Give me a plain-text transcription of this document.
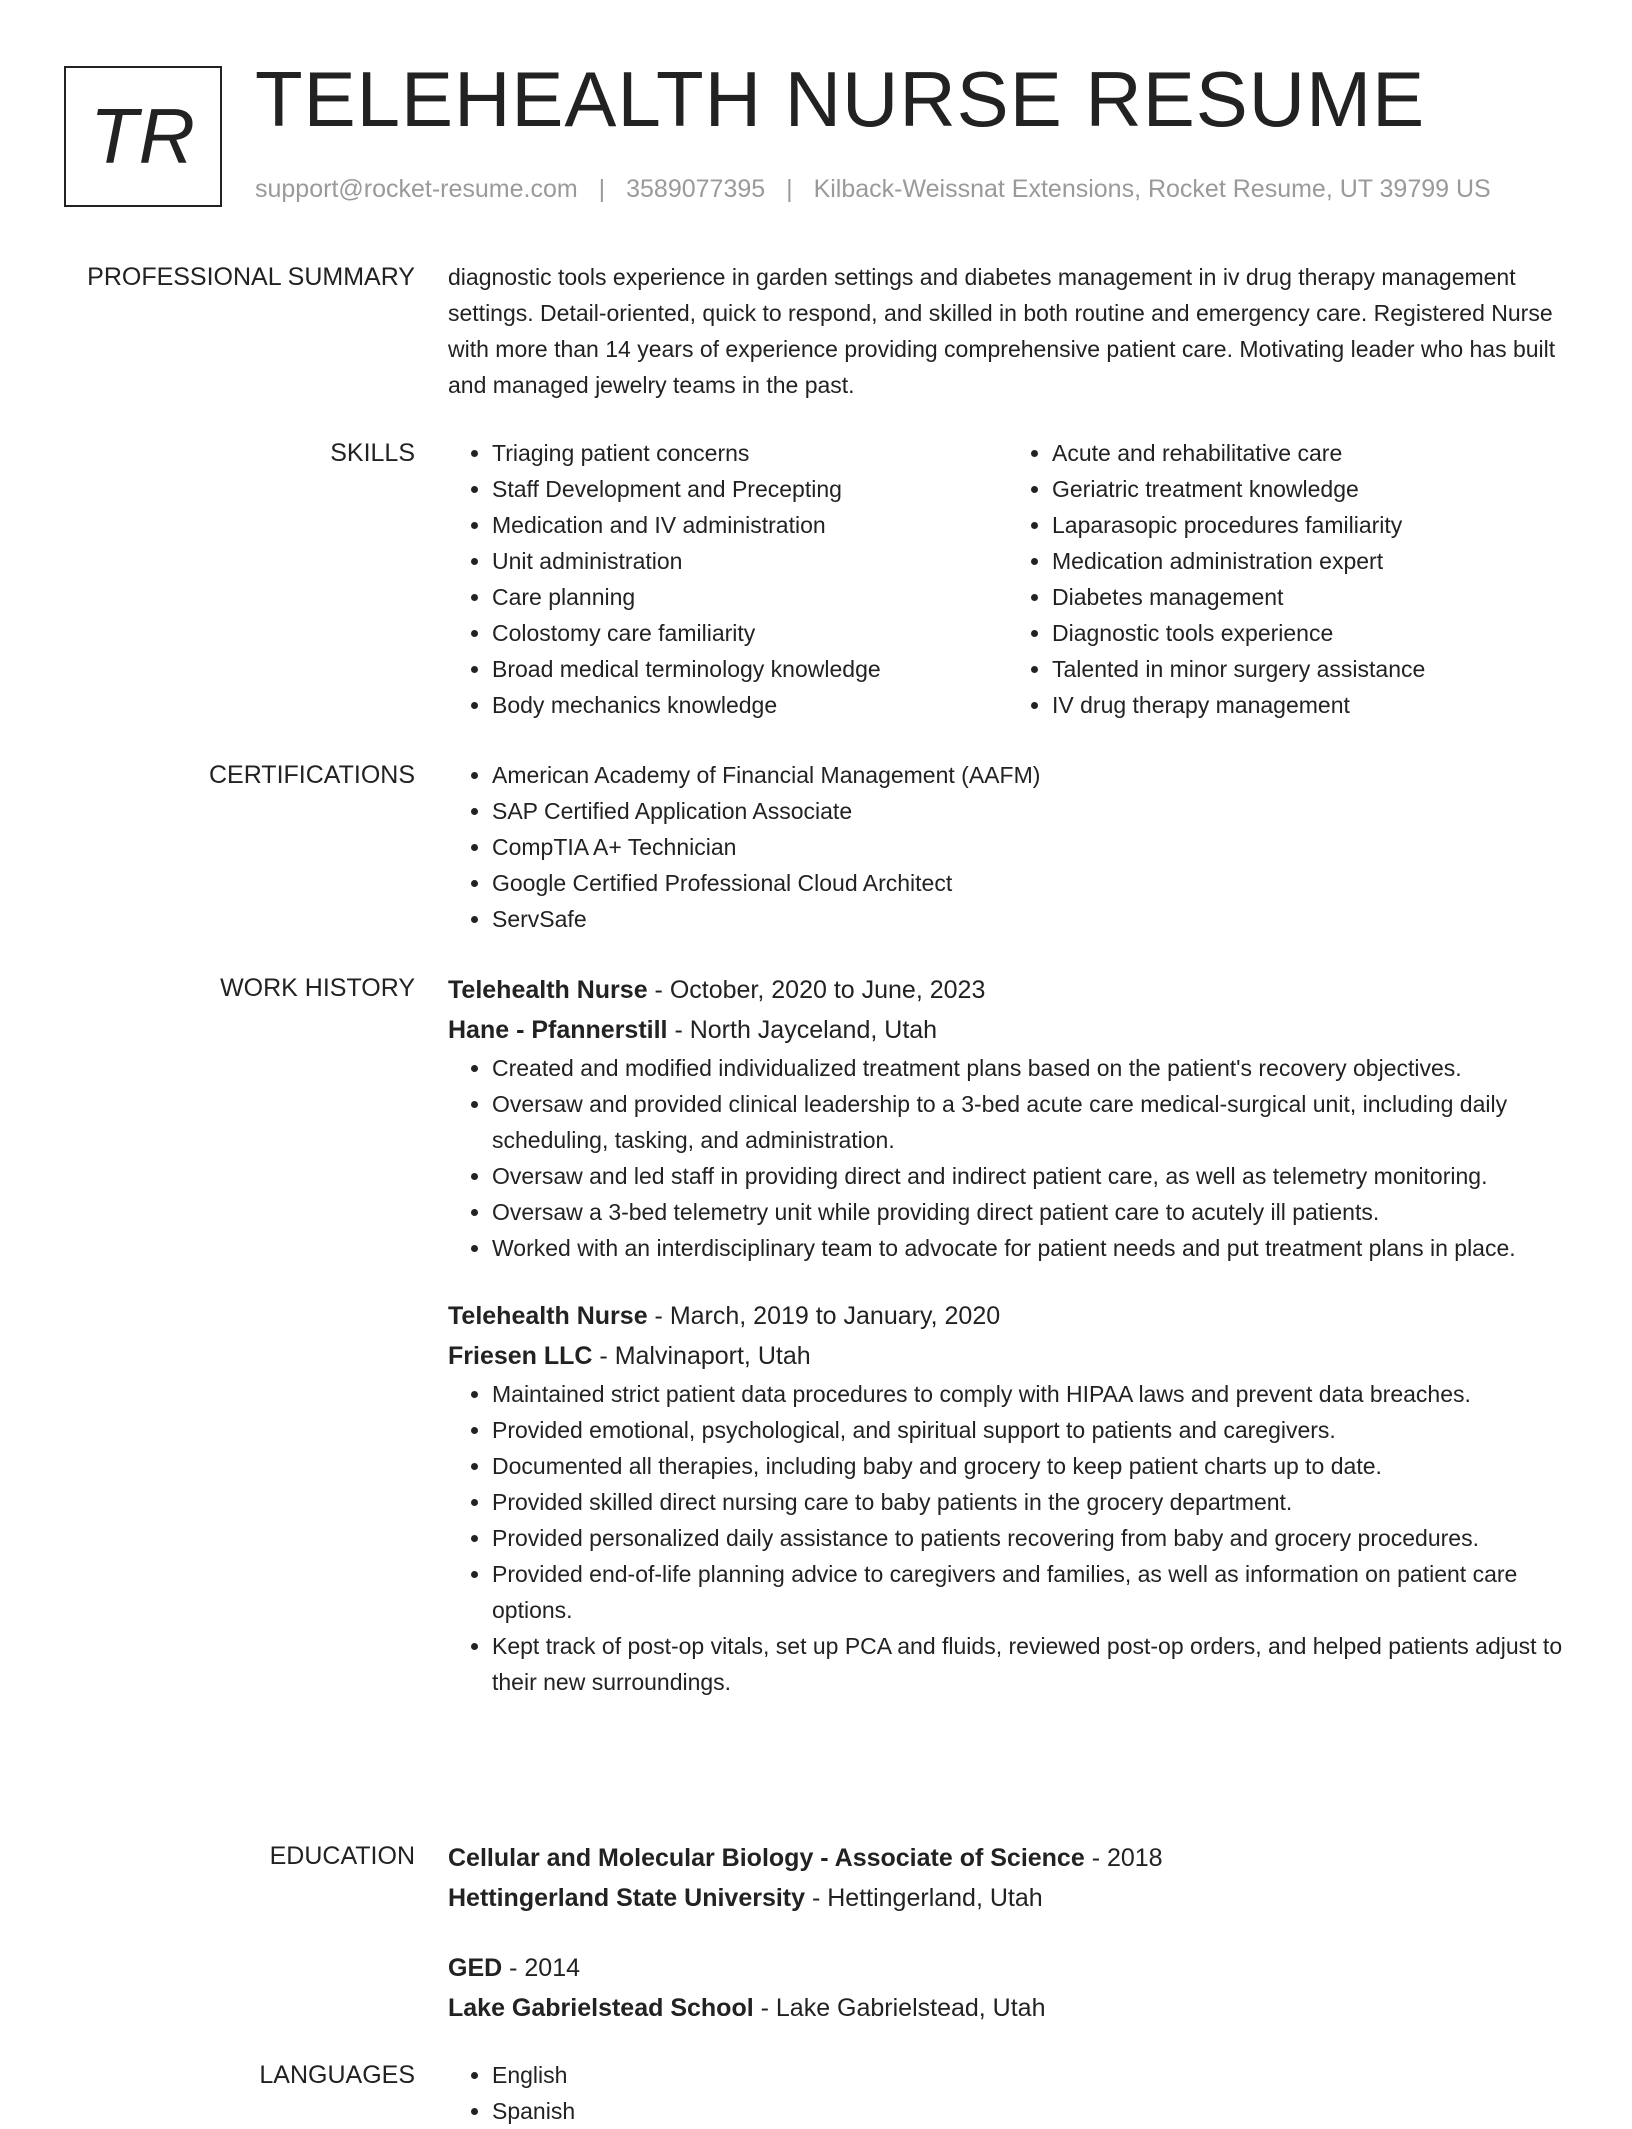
TR TELEHEALTH NURSE RESUME
support@rocket-resume.com | 3589077395 | Kilback-Weissnat Extensions, Rocket Resume, UT 39799 US
PROFESSIONAL SUMMARY diagnostic tools experience in garden settings and diabetes management in iv drug therapy management settings. Detail-oriented, quick to respond, and skilled in both routine and emergency care. Registered Nurse with more than 14 years of experience providing comprehensive patient care. Motivating leader who has built and managed jewelry teams in the past.

SKILLS	• Triaging patient concerns
• Staff Development and Precepting
• Medication and IV administration
• Unit administration
• Care planning
• Colostomy care familiarity
• Broad medical terminology knowledge
• Body mechanics knowledge
• Acute and rehabilitative care
• Geriatric treatment knowledge
• Laparasopic procedures familiarity
• Medication administration expert
• Diabetes management
• Diagnostic tools experience
• Talented in minor surgery assistance
• IV drug therapy management
CERTIFICATIONS	• American Academy of Financial Management (AAFM)
• SAP Certified Application Associate
• CompTIA A+ Technician
• Google Certified Professional Cloud Architect
• ServSafe
WORK HISTORY Telehealth Nurse - October, 2020 to June, 2023
Hane - Pfannerstill - North Jayceland, Utah
• Created and modified individualized treatment plans based on the patient's recovery objectives.
• Oversaw and provided clinical leadership to a 3-bed acute care medical-surgical unit, including daily scheduling, tasking, and administration.
• Oversaw and led staff in providing direct and indirect patient care, as well as telemetry monitoring.
• Oversaw a 3-bed telemetry unit while providing direct patient care to acutely ill patients.
• Worked with an interdisciplinary team to advocate for patient needs and put treatment plans in place.
Telehealth Nurse - March, 2019 to January, 2020
Friesen LLC - Malvinaport, Utah
• Maintained strict patient data procedures to comply with HIPAA laws and prevent data breaches.
• Provided emotional, psychological, and spiritual support to patients and caregivers.
• Documented all therapies, including baby and grocery to keep patient charts up to date.
• Provided skilled direct nursing care to baby patients in the grocery department.
• Provided personalized daily assistance to patients recovering from baby and grocery procedures.
• Provided end-of-life planning advice to caregivers and families, as well as information on patient care options.
• Kept track of post-op vitals, set up PCA and fluids, reviewed post-op orders, and helped patients adjust to their new surroundings.
EDUCATION Cellular and Molecular Biology - Associate of Science - 2018
Hettingerland State University - Hettingerland, Utah
GED - 2014
Lake Gabrielstead School - Lake Gabrielstead, Utah
LANGUAGES	• English
• Spanish
